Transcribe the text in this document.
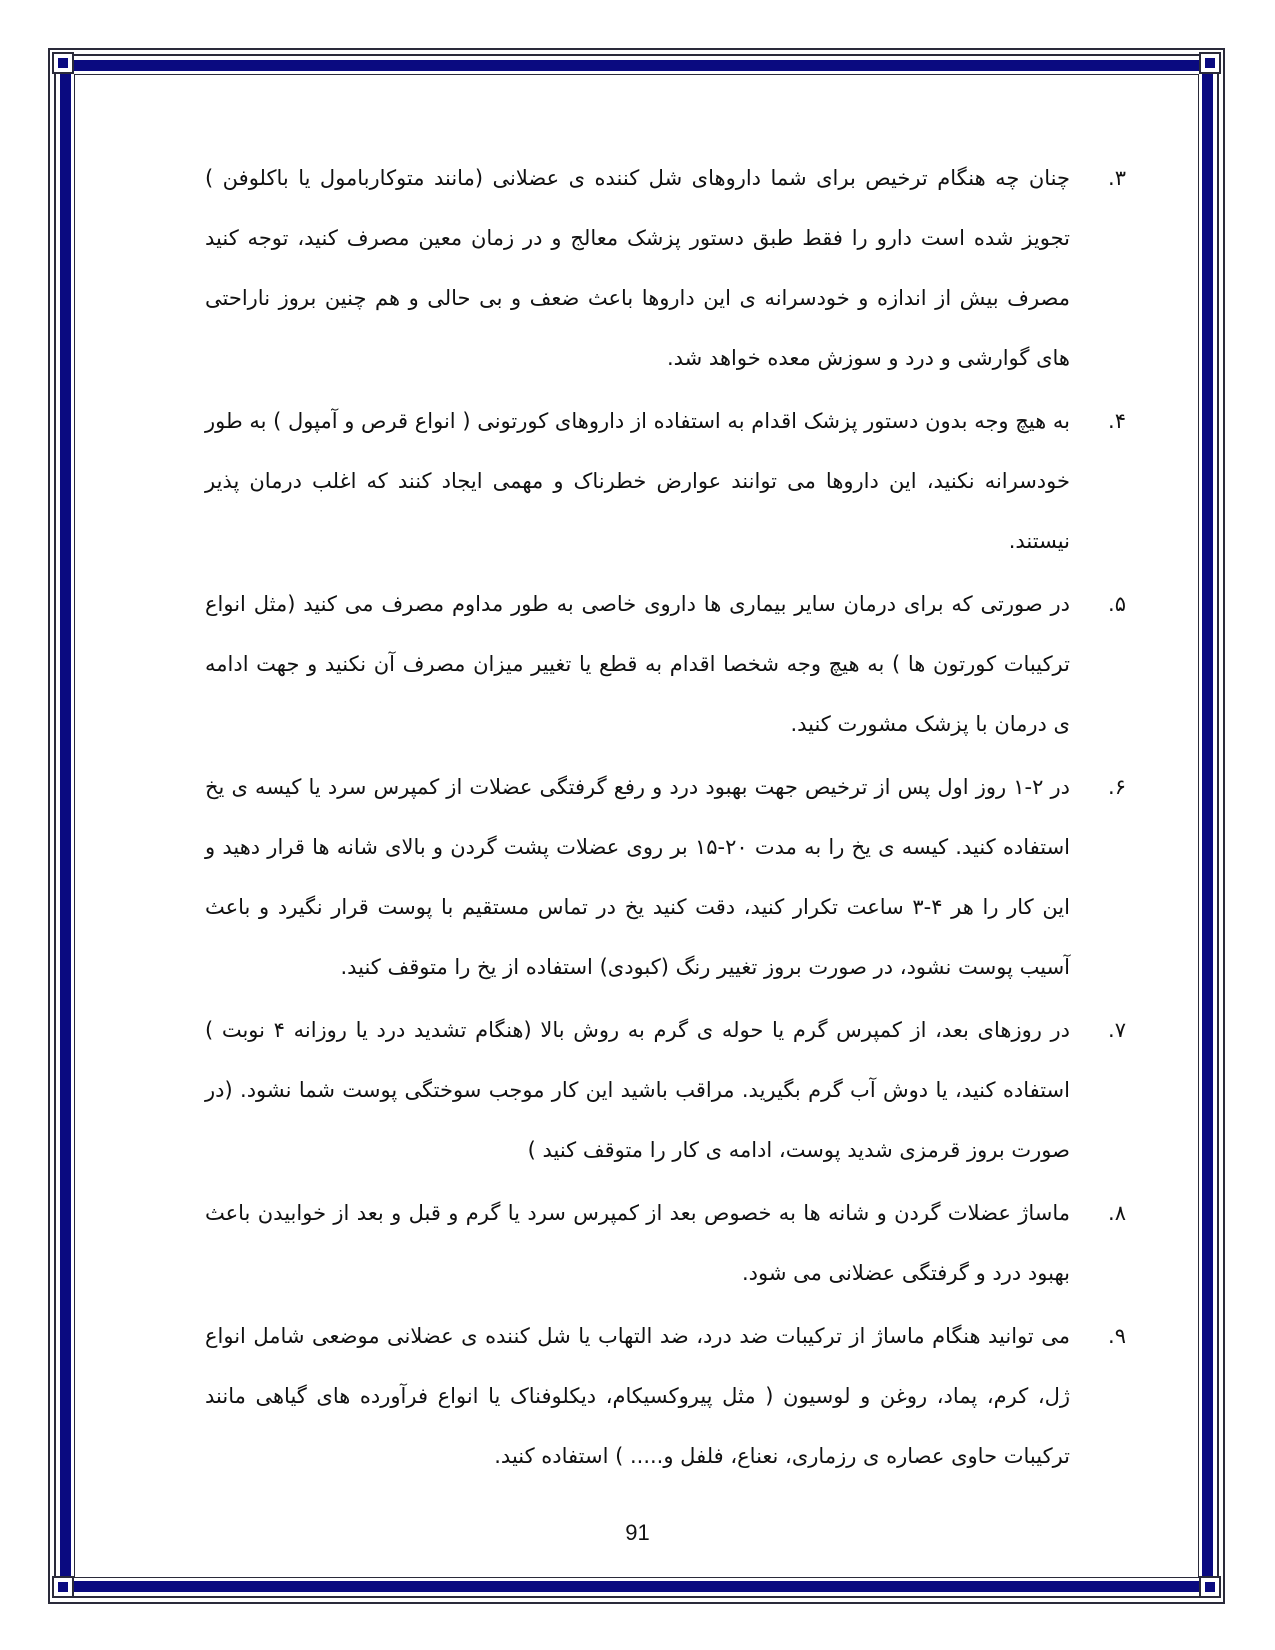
۳.
چنان چه هنگام ترخیص برای شما داروهای شل کننده ی عضلانی (مانند متوکاربامول یا باکلوفن ) تجویز شده است دارو را فقط طبق دستور پزشک معالج و در زمان معین مصرف کنید، توجه کنید مصرف بیش از اندازه و خودسرانه ی این داروها باعث ضعف و بی حالی و هم چنین بروز ناراحتی های گوارشی و درد و سوزش معده خواهد شد.
۴.
به هیچ وجه بدون دستور پزشک اقدام به استفاده از داروهای کورتونی ( انواع قرص و آمپول ) به طور خودسرانه نکنید، این داروها می توانند عوارض خطرناک و مهمی ایجاد کنند که اغلب درمان پذیر نیستند.
۵.
در صورتی که برای درمان سایر بیماری ها داروی خاصی به طور مداوم مصرف می کنید (مثل انواع ترکیبات کورتون ها ) به هیچ وجه شخصا اقدام به قطع یا تغییر میزان مصرف آن نکنید و جهت ادامه ی درمان با پزشک مشورت کنید.
۶.
در ۲-۱ روز اول پس از ترخیص جهت بهبود درد و رفع گرفتگی عضلات از کمپرس سرد یا کیسه ی یخ استفاده کنید. کیسه ی یخ را به مدت ۲۰-۱۵ بر روی عضلات پشت گردن و بالای شانه ها قرار دهید و این کار را هر ۴-۳ ساعت تکرار کنید، دقت کنید یخ در تماس مستقیم با پوست قرار نگیرد و باعث آسیب پوست نشود، در صورت بروز تغییر رنگ (کبودی) استفاده از یخ را متوقف کنید.
۷.
در روزهای بعد، از کمپرس گرم یا حوله ی گرم به روش بالا (هنگام تشدید درد یا روزانه ۴ نوبت ) استفاده کنید، یا دوش آب گرم بگیرید. مراقب باشید این کار موجب سوختگی پوست شما نشود. (در صورت بروز قرمزی شدید پوست، ادامه ی کار را متوقف کنید )
۸.
ماساژ عضلات گردن و شانه ها به خصوص بعد از کمپرس سرد یا گرم و قبل و بعد از خوابیدن باعث بهبود درد و گرفتگی عضلانی می شود.
۹.
می توانید هنگام ماساژ از ترکیبات ضد درد، ضد التهاب یا شل کننده ی عضلانی موضعی شامل انواع ژل، کرم، پماد، روغن و لوسیون ( مثل پیروکسیکام، دیکلوفناک یا انواع فرآورده های گیاهی مانند ترکیبات حاوی عصاره ی رزماری، نعناع، فلفل و..... ) استفاده کنید.
91
